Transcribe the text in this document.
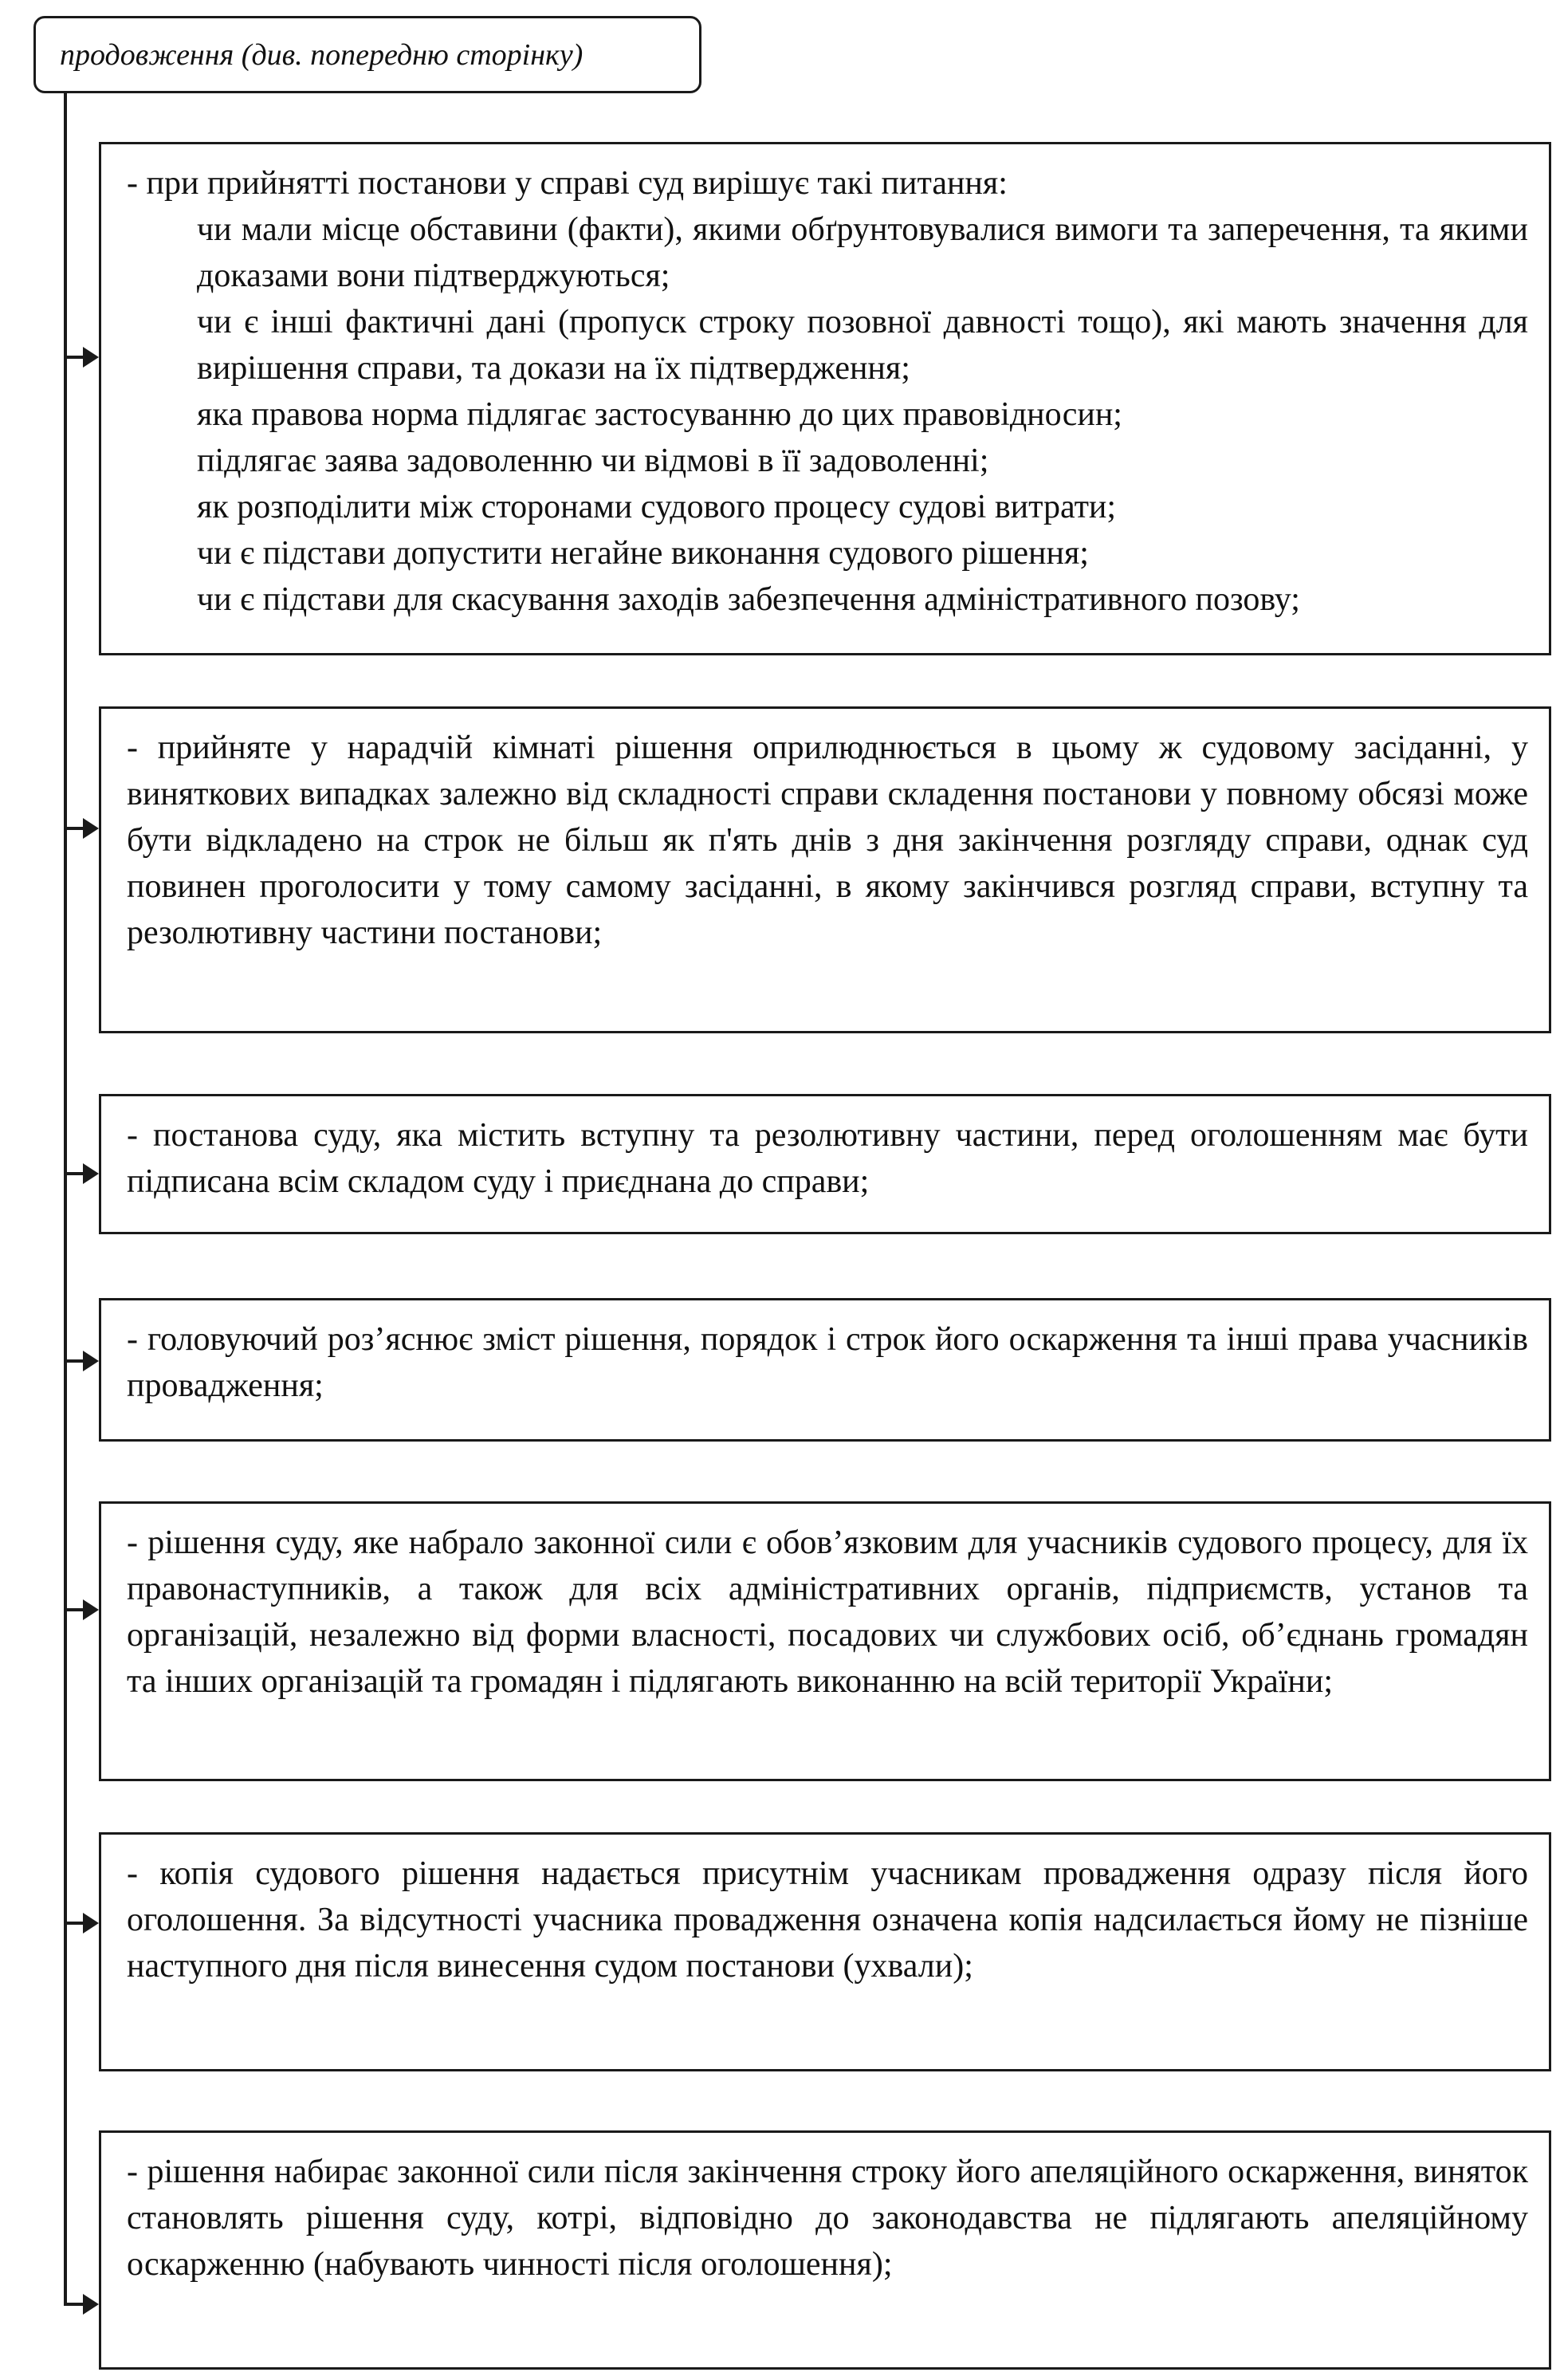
продовження (див. попередню сторінку)

- при прийнятті постанови у справі суд вирішує такі питання:

чи мали місце обставини (факти), якими обґрунтовувалися вимоги та заперечення, та якими доказами вони підтверджуються;

чи є інші фактичні дані (пропуск строку позовної давності тощо), які мають значення для вирішення справи, та докази на їх підтвердження;

яка правова норма підлягає застосуванню до цих правовідносин;

підлягає заява задоволенню чи відмові в її задоволенні;

як розподілити між сторонами судового процесу судові витрати;

чи є підстави допустити негайне виконання судового рішення;

чи є підстави для скасування заходів забезпечення адміністративного позову;

- прийняте у нарадчій кімнаті рішення оприлюднюється в цьому ж судовому засіданні, у виняткових випадках залежно від складності справи складення постанови у повному обсязі може бути відкладено на строк не більш як п'ять днів з дня закінчення розгляду справи, однак суд повинен проголосити у тому самому засіданні, в якому закінчився розгляд справи, вступну та резолютивну частини постанови;

- постанова суду, яка містить вступну та резолютивну частини, перед оголошенням має бути підписана всім складом суду і приєднана до справи;

- головуючий роз’яснює зміст рішення, порядок і строк його оскарження та інші права учасників провадження;

- рішення суду, яке набрало законної сили є обов’язковим для учасників судового процесу, для їх правонаступників, а також для всіх адміністративних органів, підприємств, установ та організацій, незалежно від форми власності, посадових чи службових осіб, об’єднань громадян та інших організацій та громадян і підлягають виконанню на всій території України;

- копія судового рішення надається присутнім учасникам провадження одразу після його оголошення. За відсутності учасника провадження означена копія надсилається йому не пізніше наступного дня після винесення судом постанови (ухвали);

- рішення набирає законної сили після закінчення строку його апеляційного оскарження, виняток становлять рішення суду, котрі, відповідно до законодавства не підлягають апеляційному оскарженню (набувають чинності після оголошення);
